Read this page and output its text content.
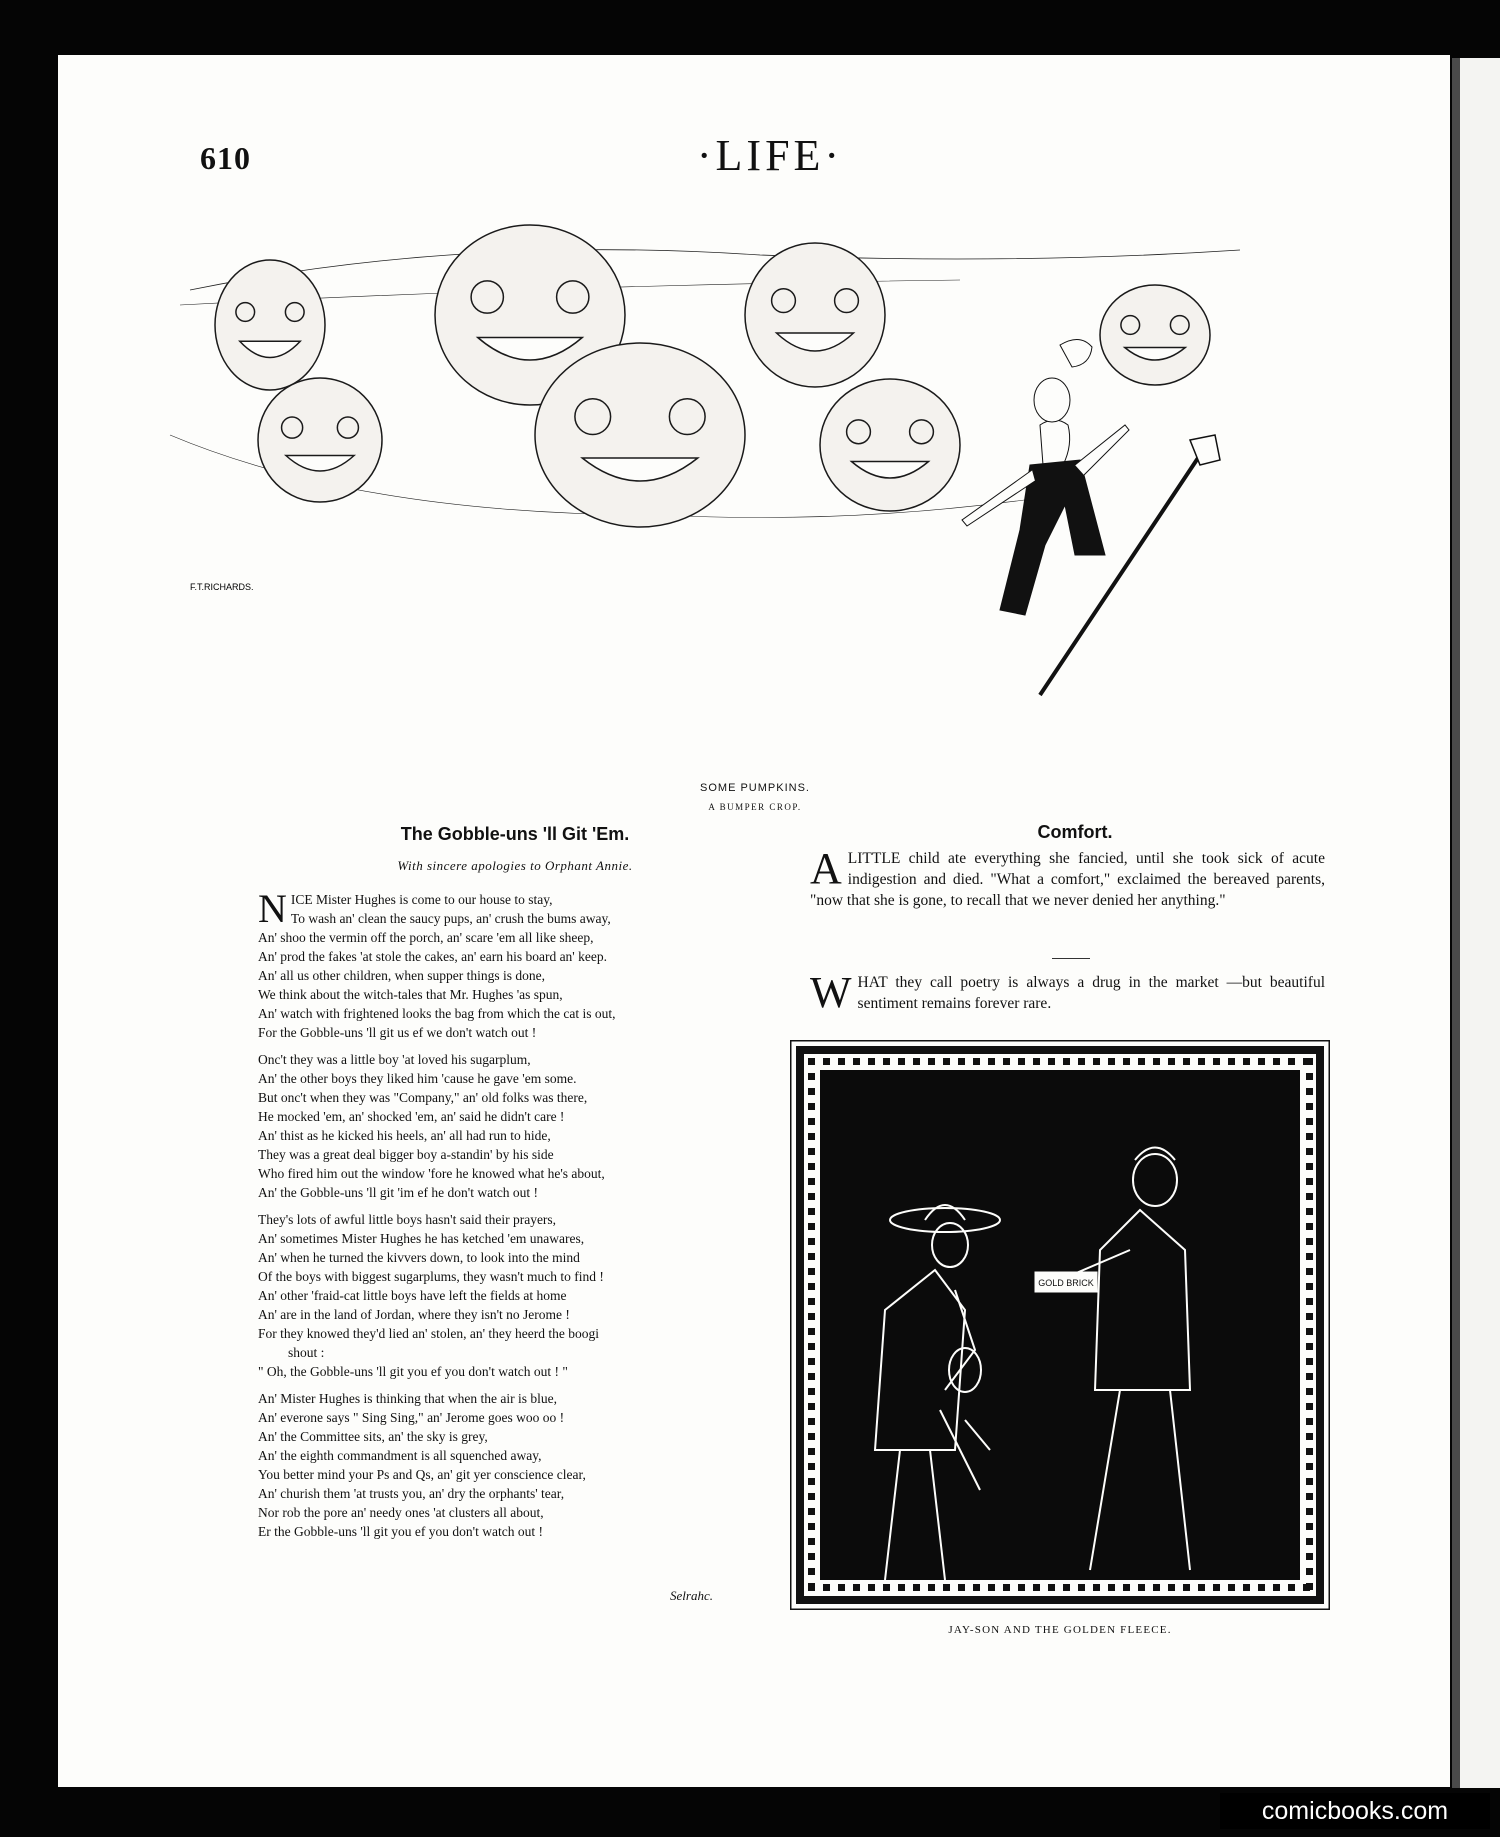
610	·LIFE·
F.T.RICHARDS.
SOME PUMPKINS.
A BUMPER CROP.
The Gobble-uns 'll Git 'Em.
With sincere apologies to Orphant Annie.
N ICE Mister Hughes is come to our house to stay,
To wash an' clean the saucy pups, an' crush the bums away,
An' shoo the vermin off the porch, an' scare 'em all like sheep,
An' prod the fakes 'at stole the cakes, an' earn his board an' keep.
An' all us other children, when supper things is done,
We think about the witch-tales that Mr. Hughes 'as spun,
An' watch with frightened looks the bag from which the cat is out,
For the Gobble-uns 'll git us ef we don't watch out !
Onc't they was a little boy 'at loved his sugarplum,
An' the other boys they liked him 'cause he gave 'em some.
But onc't when they was "Company," an' old folks was there,
He mocked 'em, an' shocked 'em, an' said he didn't care !
An' thist as he kicked his heels, an' all had run to hide,
They was a great deal bigger boy a-standin' by his side
Who fired him out the window 'fore he knowed what he's about,
An' the Gobble-uns 'll git 'im ef he don't watch out !
They's lots of awful little boys hasn't said their prayers,
An' sometimes Mister Hughes he has ketched 'em unawares,
An' when he turned the kivvers down, to look into the mind
Of the boys with biggest sugarplums, they wasn't much to find !
An' other 'fraid-cat little boys have left the fields at home
An' are in the land of Jordan, where they isn't no Jerome !
For they knowed they'd lied an' stolen, an' they heerd the boogi
shout :
" Oh, the Gobble-uns 'll git you ef you don't watch out ! "
An' Mister Hughes is thinking that when the air is blue,
An' everone says " Sing Sing," an' Jerome goes woo oo !
An' the Committee sits, an' the sky is grey,
An' the eighth commandment is all squenched away,
You better mind your Ps and Qs, an' git yer conscience clear,
An' churish them 'at trusts you, an' dry the orphants' tear,
Nor rob the pore an' needy ones 'at clusters all about,
Er the Gobble-uns 'll git you ef you don't watch out !
Selrahc.
Comfort.
A LITTLE child ate everything she fancied, until she took sick of acute indigestion and died. "What a comfort," exclaimed the bereaved parents, "now that she is gone, to recall that we never denied her anything."
W HAT they call poetry is always a drug in the market —but beautiful sentiment remains forever rare.
GOLD BRICK
JAY-SON AND THE GOLDEN FLEECE.
comicbooks.com
